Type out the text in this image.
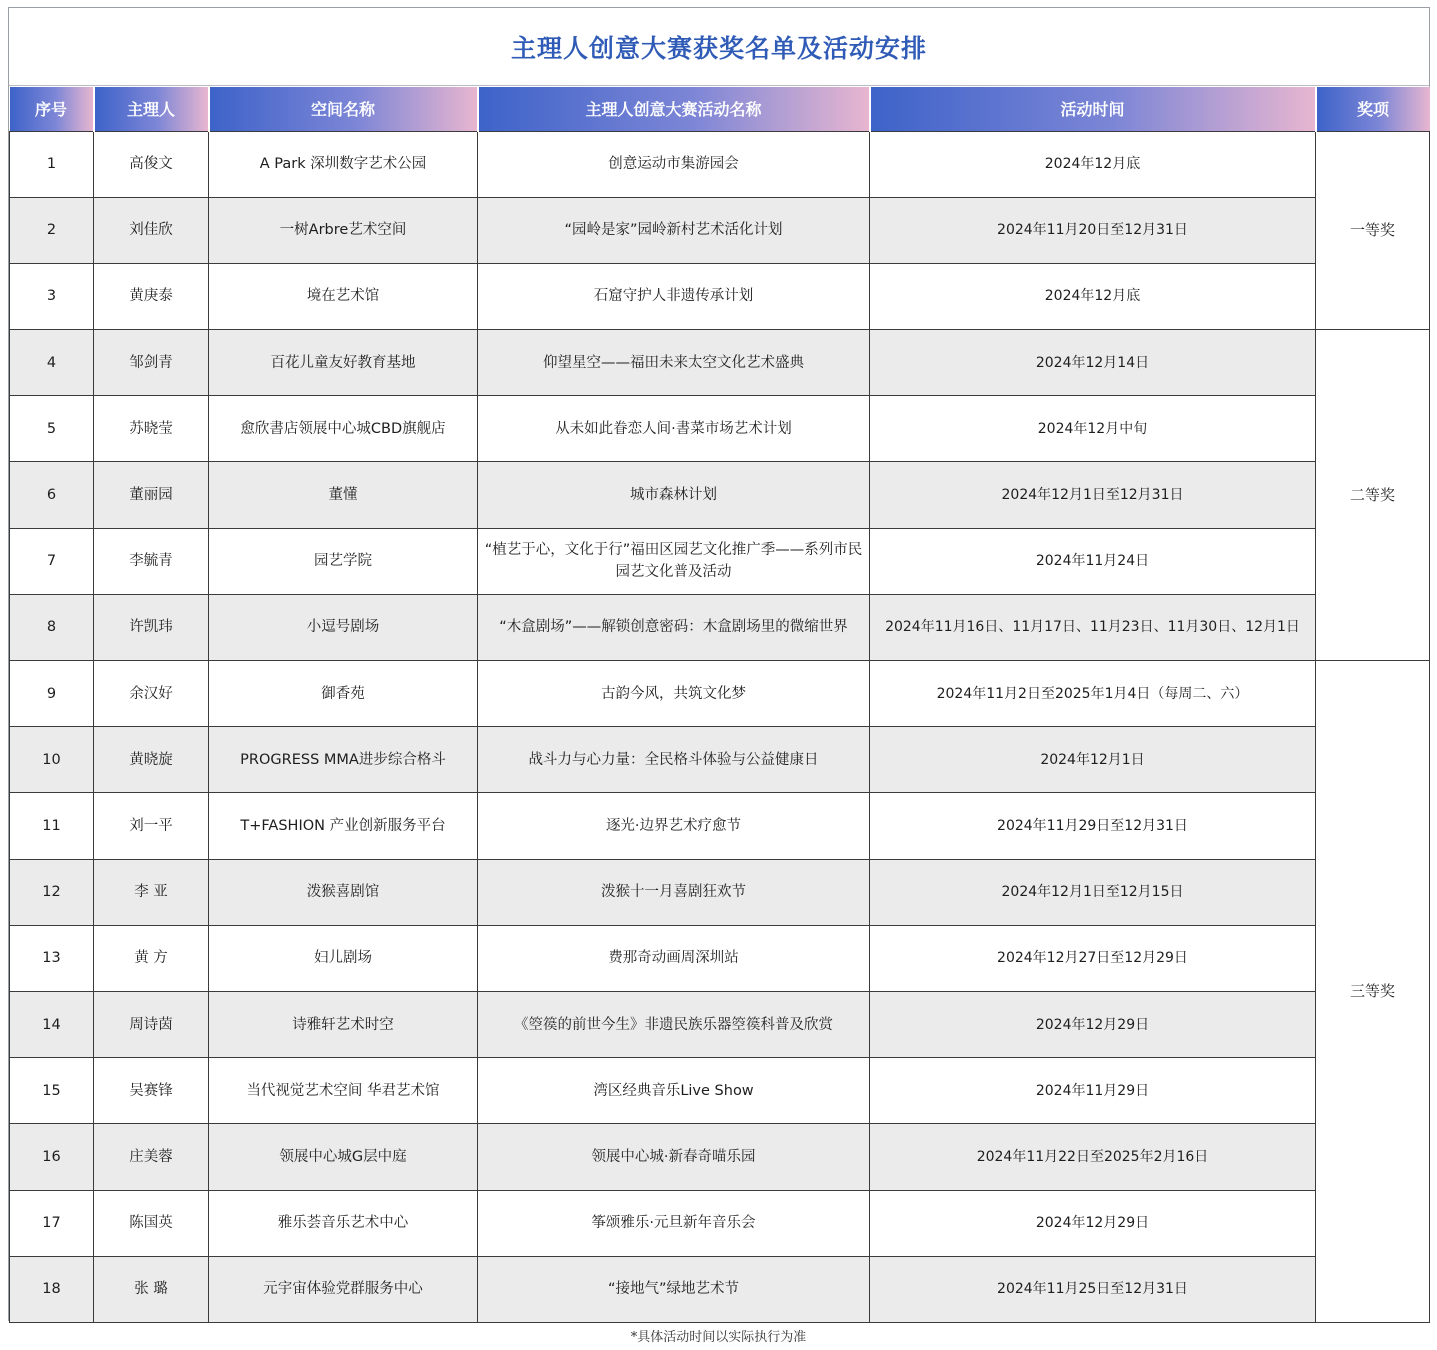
主理人创意大赛获奖名单及活动安排
序号	主理人	空间名称	主理人创意大赛活动名称	活动时间	奖项
1	高俊文	A Park 深圳数字艺术公园	创意运动市集游园会	2024年12月底	一等奖
2	刘佳欣	一树Arbre艺术空间	“园岭是家”园岭新村艺术活化计划	2024年11月20日至12月31日	
3	黄庚泰	境在艺术馆	石窟守护人非遗传承计划	2024年12月底	
4	邹剑青	百花儿童友好教育基地	仰望星空——福田未来太空文化艺术盛典	2024年12月14日	二等奖
5	苏晓莹	愈欣書店领展中心城CBD旗舰店	从未如此眷恋人间·書菜市场艺术计划	2024年12月中旬	
6	董丽园	董懂	城市森林计划	2024年12月1日至12月31日	
7	李毓青	园艺学院	“植艺于心，文化于行”福田区园艺文化推广季——系列市民园艺文化普及活动	2024年11月24日	
8	许凯玮	小逗号剧场	“木盒剧场”——解锁创意密码：木盒剧场里的微缩世界	2024年11月16日、11月17日、11月23日、11月30日、12月1日	
9	余汉好	御香苑	古韵今风，共筑文化梦	2024年11月2日至2025年1月4日（每周二、六）	三等奖
10	黄晓旋	PROGRESS MMA进步综合格斗	战斗力与心力量：全民格斗体验与公益健康日	2024年12月1日	
11	刘一平	T+FASHION 产业创新服务平台	逐光·边界艺术疗愈节	2024年11月29日至12月31日	
12	李 亚	泼猴喜剧馆	泼猴十一月喜剧狂欢节	2024年12月1日至12月15日	
13	黄 方	妇儿剧场	费那奇动画周深圳站	2024年12月27日至12月29日	
14	周诗茵	诗雅轩艺术时空	《箜篌的前世今生》非遗民族乐器箜篌科普及欣赏	2024年12月29日	
15	吴赛锋	当代视觉艺术空间 华君艺术馆	湾区经典音乐Live Show	2024年11月29日	
16	庄美蓉	领展中心城G层中庭	领展中心城·新春奇喵乐园	2024年11月22日至2025年2月16日	
17	陈国英	雅乐荟音乐艺术中心	筝颂雅乐·元旦新年音乐会	2024年12月29日	
18	张 璐	元宇宙体验党群服务中心	“接地气”绿地艺术节	2024年11月25日至12月31日	
*具体活动时间以实际执行为准
